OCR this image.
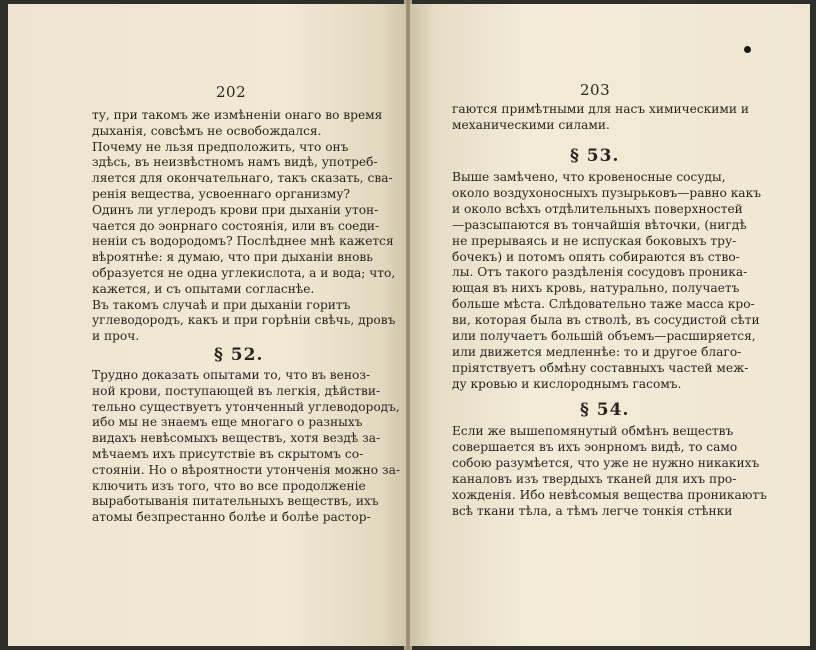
202
ту, при такомъ же измѣненіи онаго во время
дыханія, совсѣмъ не освобождался.
Почему не льзя предположить, что онъ
здѣсь, въ неизвѣстномъ намъ видѣ, употреб-
ляется для окончательнаго, такъ сказать, сва-
ренія вещества, усвоеннаго организму?
Одинъ ли углеродъ крови при дыханіи утон-
чается до эонрнаго состоянія, или въ соеди-
неніи съ водородомъ? Послѣднее мнѣ кажется
вѣроятнѣе: я думаю, что при дыханіи вновь
образуется не одна углекислота, а и вода; что,
кажется, и съ опытами согласнѣе.
Въ такомъ случаѣ и при дыханіи горитъ
углеводородъ, какъ и при горѣніи свѣчь, дровъ
и проч.
§ 52.
Трудно доказать опытами то, что въ венoз-
ной крови, поступающей въ легкія, дѣйстви-
тельно существуетъ утонченный углеводородъ,
ибо мы не знаемъ еще многаго о разныхъ
видахъ невѣсомыхъ веществъ, хотя вездѣ за-
мѣчаемъ ихъ присутствіе въ скрытомъ со-
стояніи. Но о вѣроятности утонченія можно за-
ключить изъ того, что во все продолженіе
выработыванія питательныхъ веществъ, ихъ
атомы безпрестанно болѣе и болѣе растор-
203
гаются примѣтными для насъ химическими и
механическими силами.
§ 53.
Выше замѣчено, что кровеносные сосуды,
около воздухоносныхъ пузырьковъ—равно какъ
и около всѣхъ отдѣлительныхъ поверхностей
—разсыпаются въ тончайшія вѣточки, (нигдѣ
не прерываясь и не испуская боковыхъ тру-
бочекъ) и потомъ опять собираются въ ство-
лы. Отъ такого раздѣленія сосудовъ проника-
ющая въ нихъ кровь, натурально, получаетъ
больше мѣста. Слѣдовательно таже масса кро-
ви, которая была въ стволѣ, въ сосудистой сѣти
или получаетъ большій объемъ—расширяется,
или движется медленнѣе: то и другое благо-
пріятствуетъ обмѣну составныхъ частей меж-
ду кровью и кислороднымъ гасомъ.
§ 54.
Если же вышепомянутый обмѣнъ веществъ
совершается въ ихъ эонрномъ видѣ, то само
собою разумѣется, что уже не нужно никакихъ
каналовъ изъ твердыхъ тканей для ихъ про-
хожденія. Ибо невѣсомыя вещества проникаютъ
всѣ ткани тѣла, а тѣмъ легче тонкія стѣнки
